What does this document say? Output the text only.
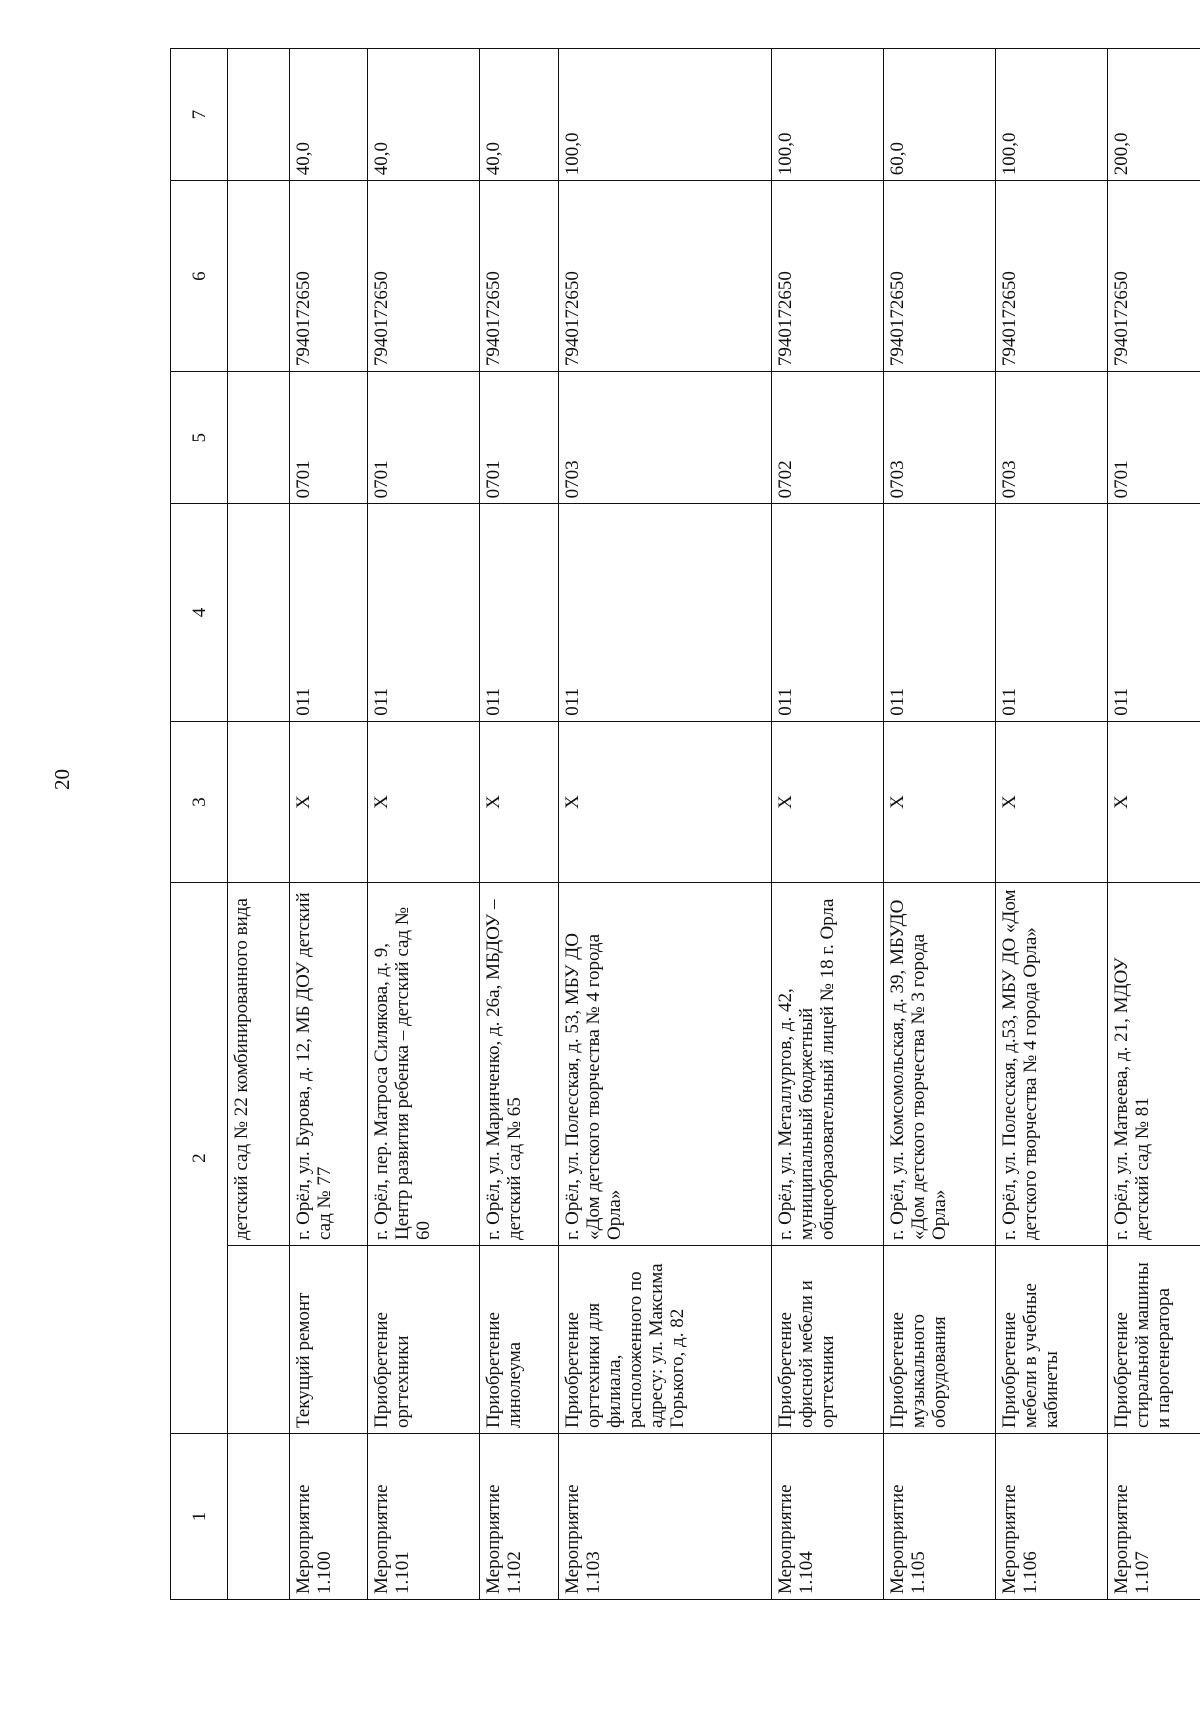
20
1	2		3	4	5	6	7
		детский сад № 22 комбинированного вида					
Мероприятие 1.100	Текущий ремонт	г. Орёл, ул. Бурова, д. 12, МБ ДОУ детский сад № 77	X	011	0701	7940172650	40,0
Мероприятие 1.101	Приобретение оргтехники	г. Орёл, пер. Матроса Силякова, д. 9, Центр развития ребенка – детский сад № 60	X	011	0701	7940172650	40,0
Мероприятие 1.102	Приобретение линолеума	г. Орёл, ул. Маринченко, д. 26а, МБДОУ – детский сад № 65	X	011	0701	7940172650	40,0
Мероприятие 1.103	Приобретение оргтехники для филиала, расположенного по адресу: ул. Максима Горького, д. 82	г. Орёл, ул. Полесская, д. 53, МБУ ДО «Дом детского творчества № 4 города Орла»	X	011	0703	7940172650	100,0
Мероприятие 1.104	Приобретение офисной мебели и оргтехники	г. Орёл, ул. Металлургов, д. 42, муниципальный бюджетный общеобразовательный лицей № 18 г. Орла	X	011	0702	7940172650	100,0
Мероприятие 1.105	Приобретение музыкального оборудования	г. Орёл, ул. Комсомольская, д. 39, МБУДО «Дом детского творчества № 3 города Орла»	X	011	0703	7940172650	60,0
Мероприятие 1.106	Приобретение мебели в учебные кабинеты	г. Орёл, ул. Полесская, д.53, МБУ ДО «Дом детского творчества № 4 города Орла»	X	011	0703	7940172650	100,0
Мероприятие 1.107	Приобретение стиральной машины и парогенератора	г. Орёл, ул. Матвеева, д. 21, МДОУ детский сад № 81	X	011	0701	7940172650	200,0
